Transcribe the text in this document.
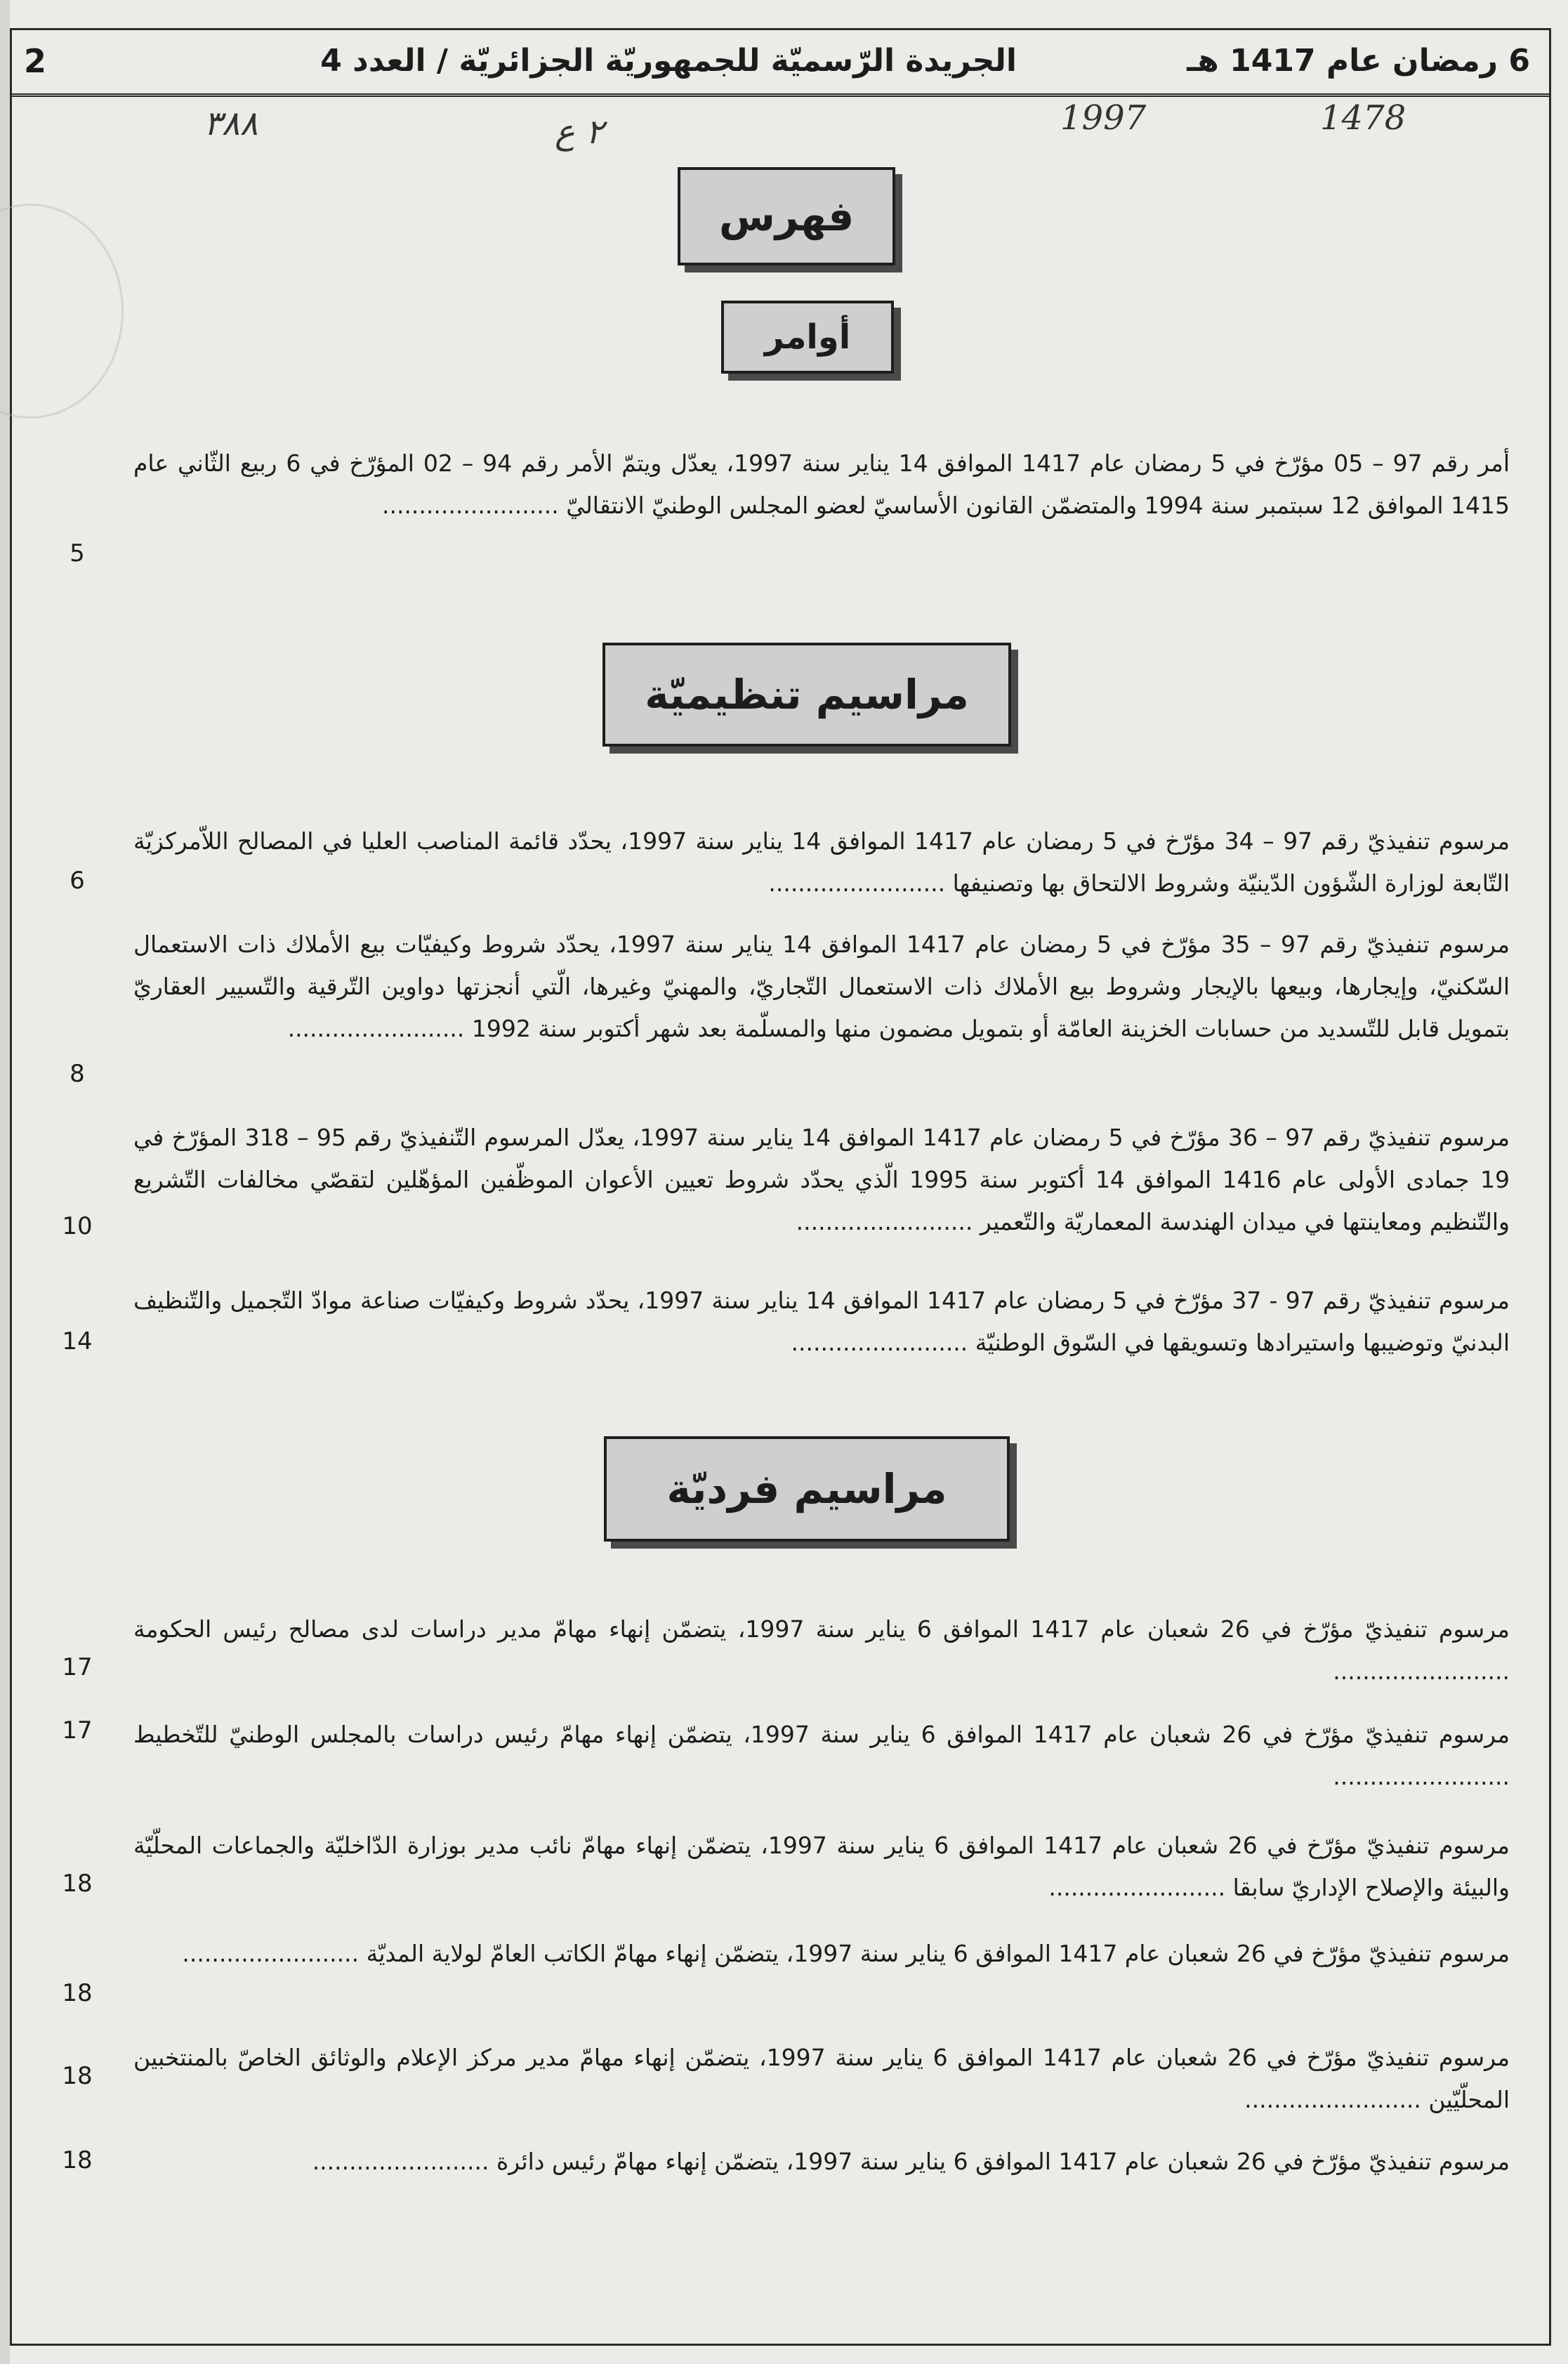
2	الجريدة الرّسميّة للجمهوريّة الجزائريّة / العدد 4	6 رمضان عام 1417 هـ
٣٨٨	٢ ع	1997	1478
فهرس
أوامر
أمر رقم 97 – 05 مؤرّخ في 5 رمضان عام 1417 الموافق 14 يناير سنة 1997، يعدّل ويتمّ الأمر رقم 94 – 02 المؤرّخ في 6 ربيع الثّاني عام 1415 الموافق 12 سبتمبر سنة 1994 والمتضمّن القانون الأساسيّ لعضو المجلس الوطنيّ الانتقاليّ ........................
5
مراسيم تنظيميّة
مرسوم تنفيذيّ رقم 97 – 34 مؤرّخ في 5 رمضان عام 1417 الموافق 14 يناير سنة 1997، يحدّد قائمة المناصب العليا في المصالح اللاّمركزيّة التّابعة لوزارة الشّؤون الدّينيّة وشروط الالتحاق بها وتصنيفها ........................
6
مرسوم تنفيذيّ رقم 97 – 35 مؤرّخ في 5 رمضان عام 1417 الموافق 14 يناير سنة 1997، يحدّد شروط وكيفيّات بيع الأملاك ذات الاستعمال السّكنيّ، وإيجارها، وبيعها بالإيجار وشروط بيع الأملاك ذات الاستعمال التّجاريّ، والمهنيّ وغيرها، الّتي أنجزتها دواوين التّرقية والتّسيير العقاريّ بتمويل قابل للتّسديد من حسابات الخزينة العامّة أو بتمويل مضمون منها والمسلّمة بعد شهر أكتوبر سنة 1992 ........................
8
مرسوم تنفيذيّ رقم 97 – 36 مؤرّخ في 5 رمضان عام 1417 الموافق 14 يناير سنة 1997، يعدّل المرسوم التّنفيذيّ رقم 95 – 318 المؤرّخ في 19 جمادى الأولى عام 1416 الموافق 14 أكتوبر سنة 1995 الّذي يحدّد شروط تعيين الأعوان الموظّفين المؤهّلين لتقصّي مخالفات التّشريع والتّنظيم ومعاينتها في ميدان الهندسة المعماريّة والتّعمير ........................
10
مرسوم تنفيذيّ رقم 97 - 37 مؤرّخ في 5 رمضان عام 1417 الموافق 14 يناير سنة 1997، يحدّد شروط وكيفيّات صناعة موادّ التّجميل والتّنظيف البدنيّ وتوضيبها واستيرادها وتسويقها في السّوق الوطنيّة ........................
14
مراسيم فرديّة
مرسوم تنفيذيّ مؤرّخ في 26 شعبان عام 1417 الموافق 6 يناير سنة 1997، يتضمّن إنهاء مهامّ مدير دراسات لدى مصالح رئيس الحكومة ........................
17
مرسوم تنفيذيّ مؤرّخ في 26 شعبان عام 1417 الموافق 6 يناير سنة 1997، يتضمّن إنهاء مهامّ رئيس دراسات بالمجلس الوطنيّ للتّخطيط ........................
17
مرسوم تنفيذيّ مؤرّخ في 26 شعبان عام 1417 الموافق 6 يناير سنة 1997، يتضمّن إنهاء مهامّ نائب مدير بوزارة الدّاخليّة والجماعات المحلّيّة والبيئة والإصلاح الإداريّ سابقا ........................
18
مرسوم تنفيذيّ مؤرّخ في 26 شعبان عام 1417 الموافق 6 يناير سنة 1997، يتضمّن إنهاء مهامّ الكاتب العامّ لولاية المديّة ........................
18
مرسوم تنفيذيّ مؤرّخ في 26 شعبان عام 1417 الموافق 6 يناير سنة 1997، يتضمّن إنهاء مهامّ مدير مركز الإعلام والوثائق الخاصّ بالمنتخبين المحلّيّين ........................
18
مرسوم تنفيذيّ مؤرّخ في 26 شعبان عام 1417 الموافق 6 يناير سنة 1997، يتضمّن إنهاء مهامّ رئيس دائرة ........................
18
